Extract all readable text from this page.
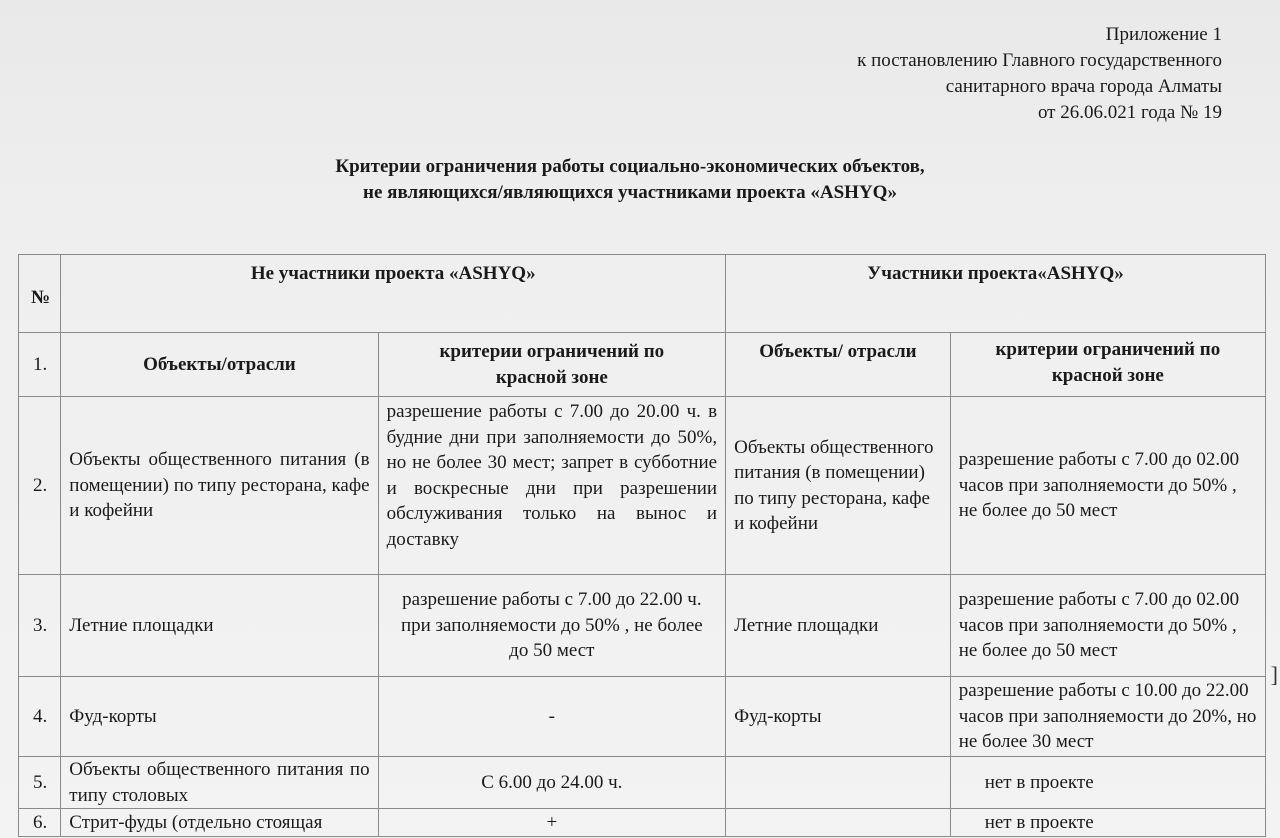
Приложение 1
к постановлению Главного государственного
санитарного врача города Алматы
от 26.06.021 года № 19
Критерии ограничения работы социально-экономических объектов,
не являющихся/являющихся участниками проекта «ASHYQ»
№	Не участники проекта «ASHYQ»		Участники проекта«ASHYQ»	
1.	Объекты/отрасли	критерии ограничений по красной зоне	Объекты/ отрасли	критерии ограничений по красной зоне
2.	Объекты общественного питания (в помещении) по типу ресторана, кафе и кофейни	разрешение работы с 7.00 до 20.00 ч. в будние дни при заполняемости до 50%, но не более 30 мест; запрет в субботние и воскресные дни при разрешении обслуживания только на вынос и доставку	Объекты общественного питания (в помещении) по типу ресторана, кафе и кофейни	разрешение работы с 7.00 до 02.00 часов при заполняемости до 50% , не более до 50 мест
3.	Летние площадки	разрешение работы с 7.00 до 22.00 ч. при заполняемости до 50% , не более до 50 мест	Летние площадки	разрешение работы с 7.00 до 02.00 часов при заполняемости до 50% , не более до 50 мест
4.	Фуд-корты	-	Фуд-корты	разрешение работы с 10.00 до 22.00 часов при заполняемости до 20%, но не более 30 мест
5.	Объекты общественного питания по типу столовых	С 6.00 до 24.00 ч.		нет в проекте
6.	Стрит-фуды (отдельно стоящая	+		нет в проекте
]
